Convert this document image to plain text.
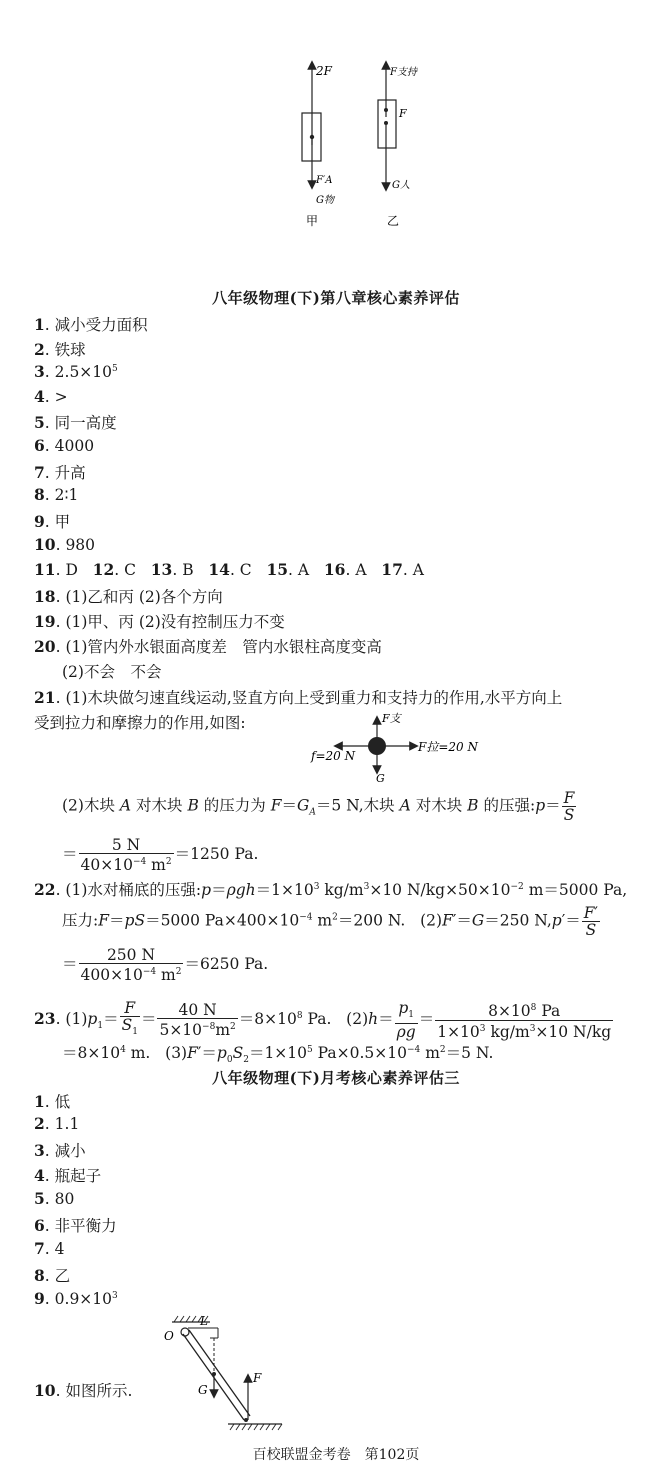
2F
F′A
G物
甲
F支持
F
G人
乙
八年级物理(下)第八章核心素养评估
1. 减小受力面积
2. 铁球
3. $2.5\times 10^5$
4. >
5. 同一高度
6. 4000
7. 升高
8. 2∶1
9. 甲
10. 980
11. D 12. C 13. B 14. C 15. A 16. A 17. A
18. (1)乙和丙 (2)各个方向
19. (1)甲、丙 (2)没有控制压力不变
20. (1)管内外水银面高度差　管内水银柱高度变高
(2)不会　不会
21. (1)木块做匀速直线运动,竖直方向上受到重力和支持力的作用,水平方向上
受到拉力和摩擦力的作用,如图:	F支
G
f=20 N
F拉=20 N
(2)木块 A 对木块 B 的压力为 $F=G_A=5$ N,木块 A 对木块 B 的压强:p＝ $\frac{F}{S}$
＝ $\frac{5 N}{40\times 10^{-4} m^2} =1250$ Pa.
22. (1)水对桶底的压强$:p=\rho gh=1\times 10^3$ $kg/m^3\times 10$ $N/kg\times 50\times 10^{-2}$ m＝5000 Pa,
压力:F＝pS＝5000 $Pa\times 400\times 10^{-4}$ $m^2=200$ N.   (2)F′＝G＝250 $N,p'= \frac{F'}{S}$
＝ $\frac{250 N}{400\times 10^{-4} m^2} =6250$ Pa.
23. $(1)p_1= \frac{F}{S_1} = \frac{40 N}{5\times 10^{-8}m^2} =8\times 10^8$ Pa.   $(2)h= \frac{p_1}{\rho g} = \frac{8\times 10^8 Pa}{1\times 10^3 kg/m^3\times 10 N/kg}$
$=8\times 10^4$ m.   $(3)F'=p_0S_2=1\times 10^5$ $Pa\times 0.5\times 10^{-4}$ $m^2=5$ N.
八年级物理(下)月考核心素养评估三
1. 低
2. 1.1
3. 减小
4. 瓶起子
5. 80
6. 非平衡力
7. 4
8. 乙
9. $0.9\times 10^3$
10. 如图所示.
O
L
G
F
百校联盟金考卷　第102页
